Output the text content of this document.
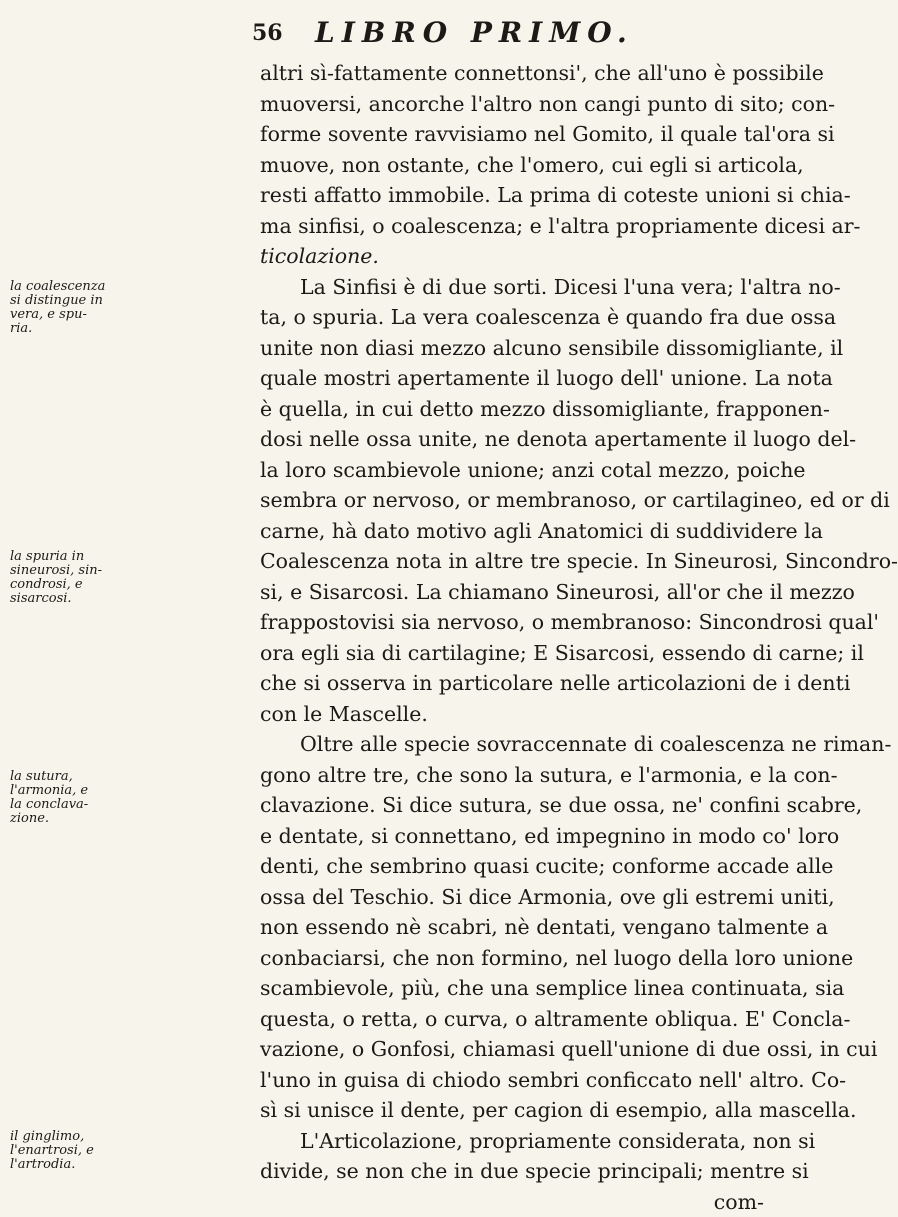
56 LIBRO PRIMO.
altri sì-fattamente connettonsi', che all'uno è possibile
muoversi, ancorche l'altro non cangi punto di sito; con-
forme sovente ravvisiamo nel Gomito, il quale tal'ora si
muove, non ostante, che l'omero, cui egli si articola,
resti affatto immobile. La prima di coteste unioni si chia-
ma sinfisi, o coalescenza; e l'altra propriamente dicesi ar-
ticolazione.
La Sinfisi è di due sorti. Dicesi l'una vera; l'altra no-
ta, o spuria. La vera coalescenza è quando fra due ossa
unite non diasi mezzo alcuno sensibile dissomigliante, il
quale mostri apertamente il luogo dell' unione. La nota
è quella, in cui detto mezzo dissomigliante, frapponen-
dosi nelle ossa unite, ne denota apertamente il luogo del-
la loro scambievole unione; anzi cotal mezzo, poiche
sembra or nervoso, or membranoso, or cartilagineo, ed or di
carne, hà dato motivo agli Anatomici di suddividere la
Coalescenza nota in altre tre specie. In Sineurosi, Sincondro-
si, e Sisarcosi. La chiamano Sineurosi, all'or che il mezzo
frappostovisi sia nervoso, o membranoso: Sincondrosi qual'
ora egli sia di cartilagine; E Sisarcosi, essendo di carne; il
che si osserva in particolare nelle articolazioni de i denti
con le Mascelle.
Oltre alle specie sovraccennate di coalescenza ne riman-
gono altre tre, che sono la sutura, e l'armonia, e la con-
clavazione. Si dice sutura, se due ossa, ne' confini scabre,
e dentate, si connettano, ed impegnino in modo co' loro
denti, che sembrino quasi cucite; conforme accade alle
ossa del Teschio. Si dice Armonia, ove gli estremi uniti,
non essendo nè scabri, nè dentati, vengano talmente a
conbaciarsi, che non formino, nel luogo della loro unione
scambievole, più, che una semplice linea continuata, sia
questa, o retta, o curva, o altramente obliqua. E' Concla-
vazione, o Gonfosi, chiamasi quell'unione di due ossi, in cui
l'uno in guisa di chiodo sembri conficcato nell' altro. Co-
sì si unisce il dente, per cagion di esempio, alla mascella.
L'Articolazione, propriamente considerata, non si
divide, se non che in due specie principali; mentre si
com-
la coalescenza
si distingue in
vera, e spu-
ria.
la spuria in
sineurosi, sin-
condrosi, e
sisarcosi.
la sutura,
l'armonia, e
la conclava-
zione.
il ginglimo,
l'enartrosi, e
l'artrodia.
